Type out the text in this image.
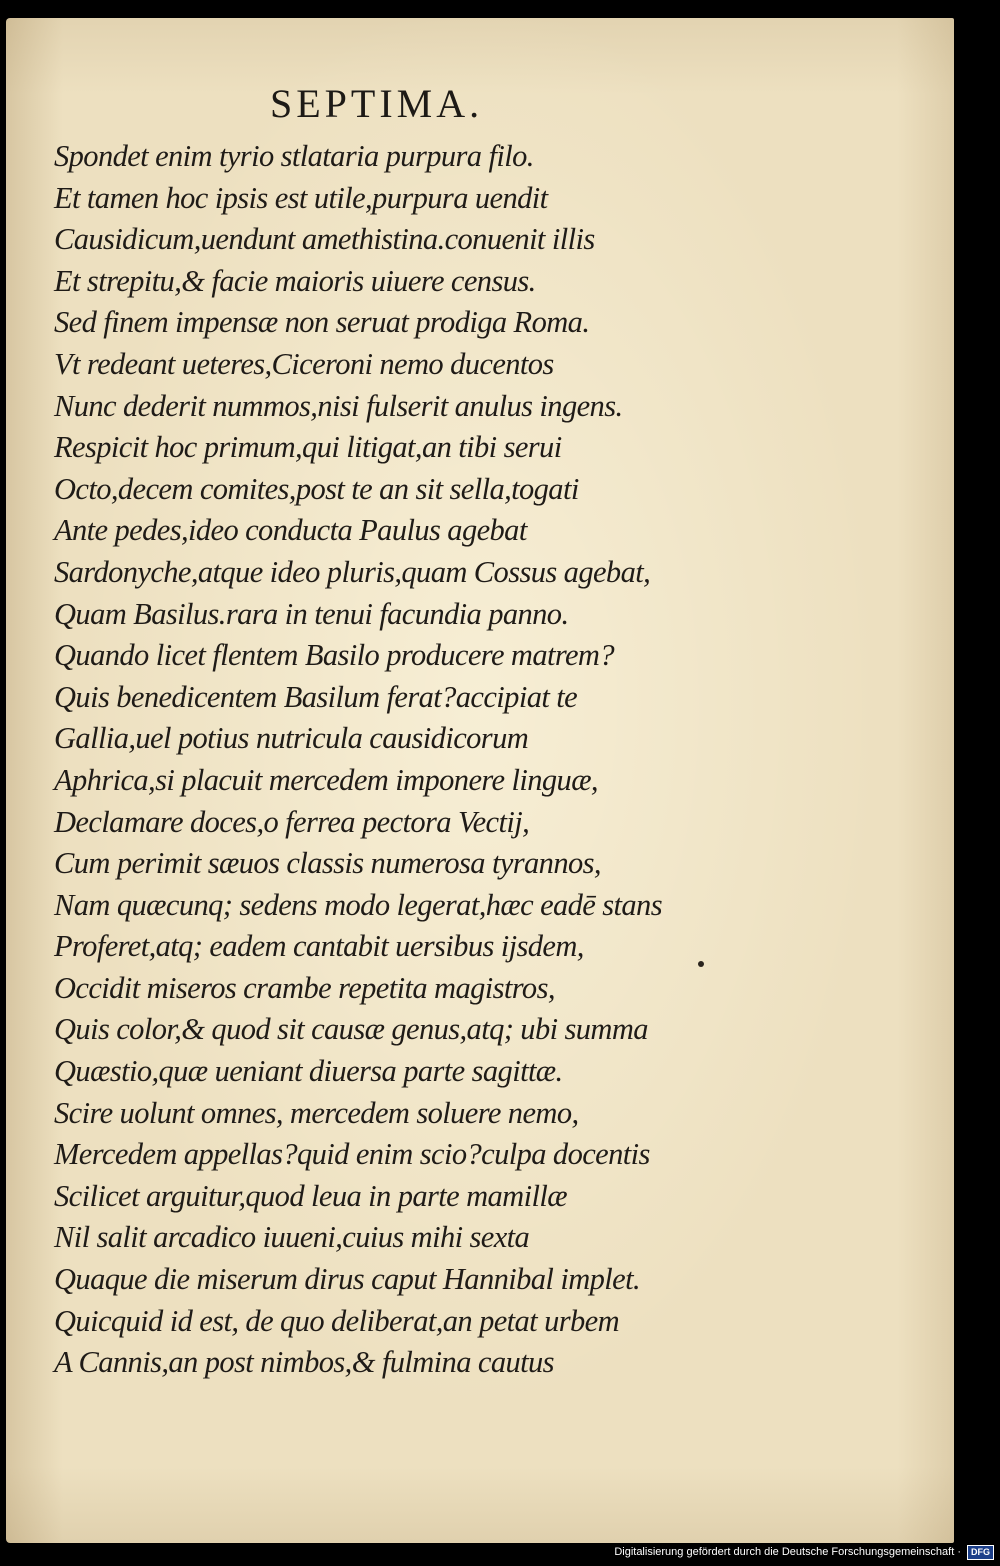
SEPTIMA.
Spondet enim tyrio stlataria purpura filo.
Et tamen hoc ipsis est utile,purpura uendit
Causidicum,uendunt amethistina.conuenit illis
Et strepitu,& facie maioris uiuere census.
Sed finem impensæ non seruat prodiga Roma.
Vt redeant ueteres,Ciceroni nemo ducentos
Nunc dederit nummos,nisi fulserit anulus ingens.
Respicit hoc primum,qui litigat,an tibi serui
Octo,decem comites,post te an sit sella,togati
Ante pedes,ideo conducta Paulus agebat
Sardonyche,atque ideo pluris,quam Cossus agebat,
Quam Basilus.rara in tenui facundia panno.
Quando licet flentem Basilo producere matrem?
Quis benedicentem Basilum ferat?accipiat te
Gallia,uel potius nutricula causidicorum
Aphrica,si placuit mercedem imponere linguæ,
Declamare doces,o ferrea pectora Vectij,
Cum perimit sæuos classis numerosa tyrannos,
Nam quæcunq; sedens modo legerat,hæc eadē stans
Proferet,atq; eadem cantabit uersibus ijsdem,
Occidit miseros crambe repetita magistros,
Quis color,& quod sit causæ genus,atq; ubi summa
Quæstio,quæ ueniant diuersa parte sagittæ.
Scire uolunt omnes, mercedem soluere nemo,
Mercedem appellas?quid enim scio?culpa docentis
Scilicet arguitur,quod leua in parte mamillæ
Nil salit arcadico iuueni,cuius mihi sexta
Quaque die miserum dirus caput Hannibal implet.
Quicquid id est, de quo deliberat,an petat urbem
A Cannis,an post nimbos,& fulmina cautus
Digitalisierung gefördert durch die Deutsche Forschungsgemeinschaft ·	DFG
